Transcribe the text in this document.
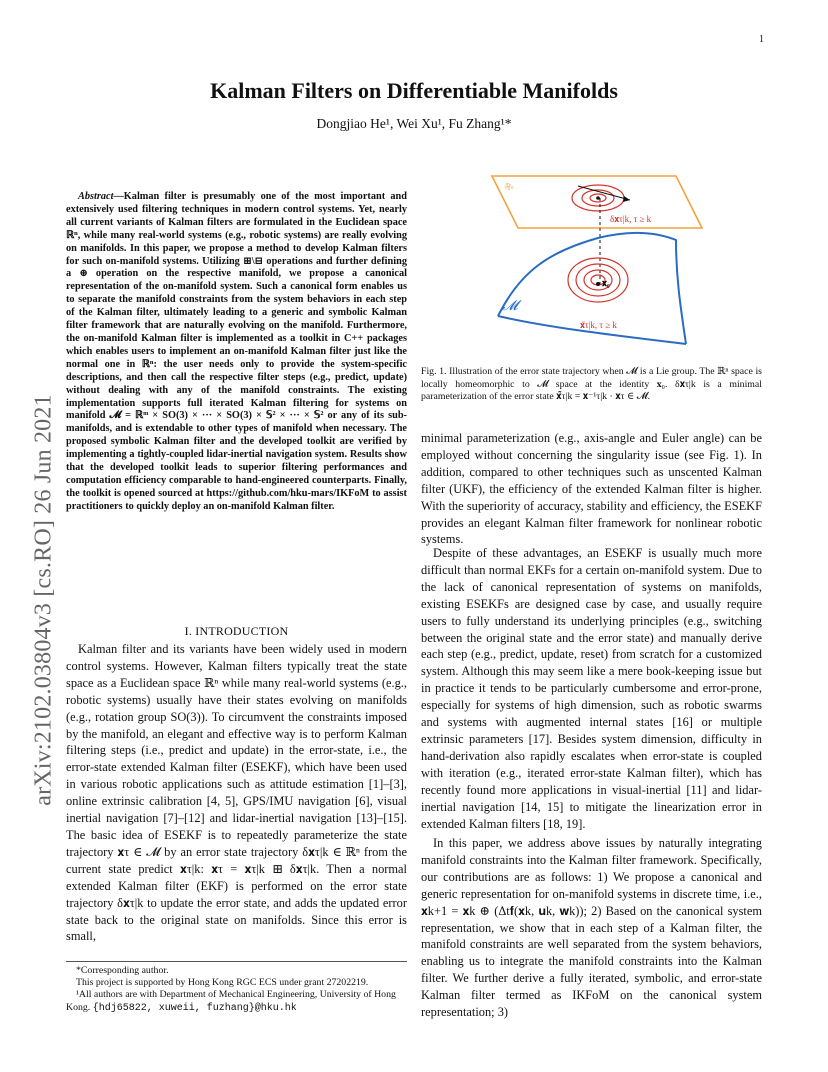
1
arXiv:2102.03804v3 [cs.RO] 26 Jun 2021
Kalman Filters on Differentiable Manifolds
Dongjiao He¹, Wei Xu¹, Fu Zhang¹*
Abstract—Kalman filter is presumably one of the most important and extensively used filtering techniques in modern control systems. Yet, nearly all current variants of Kalman filters are formulated in the Euclidean space ℝⁿ, while many real-world systems (e.g., robotic systems) are really evolving on manifolds. In this paper, we propose a method to develop Kalman filters for such on-manifold systems. Utilizing ⊞\⊟ operations and further defining a ⊕ operation on the respective manifold, we propose a canonical representation of the on-manifold system. Such a canonical form enables us to separate the manifold constraints from the system behaviors in each step of the Kalman filter, ultimately leading to a generic and symbolic Kalman filter framework that are naturally evolving on the manifold. Furthermore, the on-manifold Kalman filter is implemented as a toolkit in C++ packages which enables users to implement an on-manifold Kalman filter just like the normal one in ℝⁿ: the user needs only to provide the system-specific descriptions, and then call the respective filter steps (e.g., predict, update) without dealing with any of the manifold constraints. The existing implementation supports full iterated Kalman filtering for systems on manifold 𝓜 = ℝᵐ × SO(3) × ··· × SO(3) × 𝕊² × ··· × 𝕊² or any of its sub-manifolds, and is extendable to other types of manifold when necessary. The proposed symbolic Kalman filter and the developed toolkit are verified by implementing a tightly-coupled lidar-inertial navigation system. Results show that the developed toolkit leads to superior filtering performances and computation efficiency comparable to hand-engineered counterparts. Finally, the toolkit is opened sourced at https://github.com/hku-mars/IKFoM to assist practitioners to quickly deploy an on-manifold Kalman filter.
I. INTRODUCTION
Kalman filter and its variants have been widely used in modern control systems. However, Kalman filters typically treat the state space as a Euclidean space ℝⁿ while many real-world systems (e.g., robotic systems) usually have their states evolving on manifolds (e.g., rotation group SO(3)). To circumvent the constraints imposed by the manifold, an elegant and effective way is to perform Kalman filtering steps (i.e., predict and update) in the error-state, i.e., the error-state extended Kalman filter (ESEKF), which have been used in various robotic applications such as attitude estimation [1]–[3], online extrinsic calibration [4, 5], GPS/IMU navigation [6], visual inertial navigation [7]–[12] and lidar-inertial navigation [13]–[15]. The basic idea of ESEKF is to repeatedly parameterize the state trajectory 𝐱τ ∈ 𝓜 by an error state trajectory δ𝐱τ|k ∈ ℝⁿ from the current state predict 𝐱τ|k: 𝐱τ = 𝐱τ|k ⊞ δ𝐱τ|k. Then a normal extended Kalman filter (EKF) is performed on the error state trajectory δ𝐱τ|k to update the error state, and adds the updated error state back to the original state on manifolds. Since this error is small,
*Corresponding author.
This project is supported by Hong Kong RGC ECS under grant 27202219.
¹All authors are with Department of Mechanical Engineering, University of Hong Kong. {hdj65822, xuweii, fuzhang}@hku.hk
ℝⁿ
δ𝐱τ|k, τ ≥ k
𝓜
𝐱₀
𝐱̃τ|k, τ ≥ k
Fig. 1. Illustration of the error state trajectory when 𝓜 is a Lie group. The ℝⁿ space is locally homeomorphic to 𝓜 space at the identity 𝐱₀. δ𝐱τ|k is a minimal parameterization of the error state 𝐱̃τ|k = 𝐱⁻¹τ|k · 𝐱τ ∈ 𝓜.
minimal parameterization (e.g., axis-angle and Euler angle) can be employed without concerning the singularity issue (see Fig. 1). In addition, compared to other techniques such as unscented Kalman filter (UKF), the efficiency of the extended Kalman filter is higher. With the superiority of accuracy, stability and efficiency, the ESEKF provides an elegant Kalman filter framework for nonlinear robotic systems.
Despite of these advantages, an ESEKF is usually much more difficult than normal EKFs for a certain on-manifold system. Due to the lack of canonical representation of systems on manifolds, existing ESEKFs are designed case by case, and usually require users to fully understand its underlying principles (e.g., switching between the original state and the error state) and manually derive each step (e.g., predict, update, reset) from scratch for a customized system. Although this may seem like a mere book-keeping issue but in practice it tends to be particularly cumbersome and error-prone, especially for systems of high dimension, such as robotic swarms and systems with augmented internal states [16] or multiple extrinsic parameters [17]. Besides system dimension, difficulty in hand-derivation also rapidly escalates when error-state is coupled with iteration (e.g., iterated error-state Kalman filter), which has recently found more applications in visual-inertial [11] and lidar-inertial navigation [14, 15] to mitigate the linearization error in extended Kalman filters [18, 19].
In this paper, we address above issues by naturally integrating manifold constraints into the Kalman filter framework. Specifically, our contributions are as follows: 1) We propose a canonical and generic representation for on-manifold systems in discrete time, i.e., 𝐱k+1 = 𝐱k ⊕ (Δt𝐟(𝐱k, 𝐮k, 𝐰k)); 2) Based on the canonical system representation, we show that in each step of a Kalman filter, the manifold constraints are well separated from the system behaviors, enabling us to integrate the manifold constraints into the Kalman filter. We further derive a fully iterated, symbolic, and error-state Kalman filter termed as IKFoM on the canonical system representation; 3)
